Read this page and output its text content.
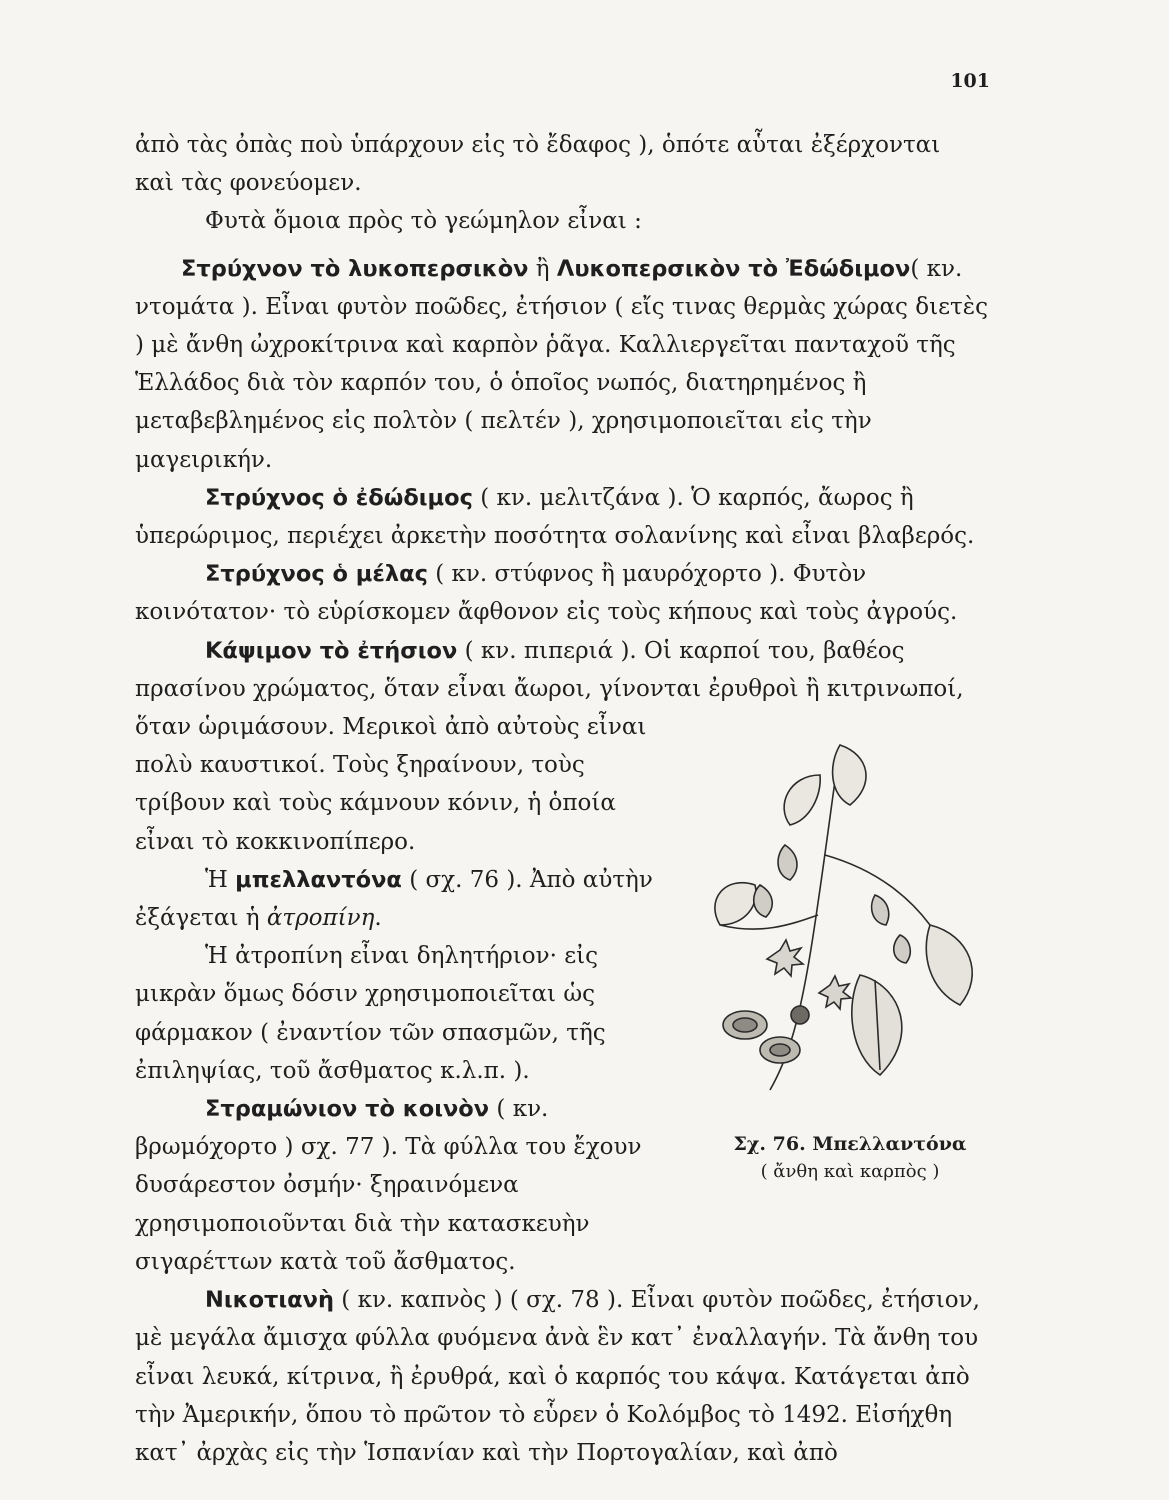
101

ἀπὸ τὰς ὀπὰς ποὺ ὑπάρχουν εἰς τὸ ἔδαφος ), ὁπότε αὗται ἐξέρχονται
καὶ τὰς φονεύομεν.

Φυτὰ ὅμοια πρὸς τὸ γεώμηλον εἶναι :

Στρύχνον τὸ λυκοπερσικὸν ἢ Λυκοπερσικὸν τὸ Ἐδώδιμον( κν. ντομάτα ). Εἶναι φυτὸν ποῶδες, ἐτήσιον ( εἴς τινας θερμὰς χώρας διετὲς ) μὲ ἄνθη ὠχροκίτρινα καὶ καρπὸν ῥᾶγα. Καλλιεργεῖται πανταχοῦ τῆς Ἑλλάδος διὰ τὸν καρπόν του, ὁ ὁποῖος νωπός, διατηρημένος ἢ μεταβεβλημένος εἰς πολτὸν ( πελτέν ), χρησιμοποιεῖται εἰς τὴν μαγειρικήν.

Στρύχνος ὁ ἐδώδιμος ( κν. μελιτζάνα ). Ὁ καρπός, ἄωρος ἢ ὑπερώριμος, περιέχει ἀρκετὴν ποσότητα σολανίνης καὶ εἶναι βλαβερός.

Στρύχνος ὁ μέλας ( κν. στύφνος ἢ μαυρόχορτο ). Φυτὸν κοινότατον· τὸ εὑρίσκομεν ἄφθονον εἰς τοὺς κήπους καὶ τοὺς ἀγρούς.

Κάψιμον τὸ ἐτήσιον ( κν. πιπεριά ). Οἱ καρποί του, βαθέος πρασίνου χρώματος, ὅταν εἶναι ἄωροι, γίνονται ἐρυθροὶ ἢ κιτρινωποί, ὅταν ὡριμάσουν. Μερικοὶ ἀπὸ αὐτοὺς εἶναι

πολὺ καυστικοί. Τοὺς ξηραίνουν, τοὺς τρίβουν καὶ τοὺς κάμνουν κόνιν, ἡ ὁποία εἶναι τὸ κοκκινοπίπερο.

Ἡ μπελλαντόνα ( σχ. 76 ). Ἀπὸ αὐτὴν ἐξάγεται ἡ ἀτροπίνη.

Ἡ ἀτροπίνη εἶναι δηλητήριον· εἰς μικρὰν ὅμως δόσιν χρησιμοποιεῖται ὡς φάρμακον ( ἐναντίον τῶν σπασμῶν, τῆς ἐπιληψίας, τοῦ ἄσθματος κ.λ.π. ).

Στραμώνιον τὸ κοινὸν ( κν. βρωμόχορτο ) σχ. 77 ). Τὰ φύλλα του ἔχουν δυσάρεστον ὀσμήν· ξηραινόμενα χρησιμοποιοῦνται διὰ τὴν κατασκευὴν σιγαρέττων κατὰ τοῦ ἄσθματος.

Νικοτιανὴ ( κν. καπνὸς ) ( σχ. 78 ). Εἶναι φυτὸν ποῶδες, ἐτήσιον, μὲ μεγάλα ἄμισχα φύλλα φυόμενα ἀνὰ ἓν κατ᾽ ἐναλλαγήν. Τὰ ἄνθη του εἶναι λευκά, κίτρινα, ἢ ἐρυθρά, καὶ ὁ καρπός του κάψα. Κατάγεται ἀπὸ τὴν Ἀμερικήν, ὅπου τὸ πρῶτον τὸ εὗρεν ὁ Κολόμβος τὸ 1492. Εἰσήχθη κατ᾽ ἀρχὰς εἰς τὴν Ἱσπανίαν καὶ τὴν Πορτογαλίαν, καὶ ἀπὸ

Σχ. 76. Μπελλαντόνα
( ἄνθη καὶ καρπὸς )
